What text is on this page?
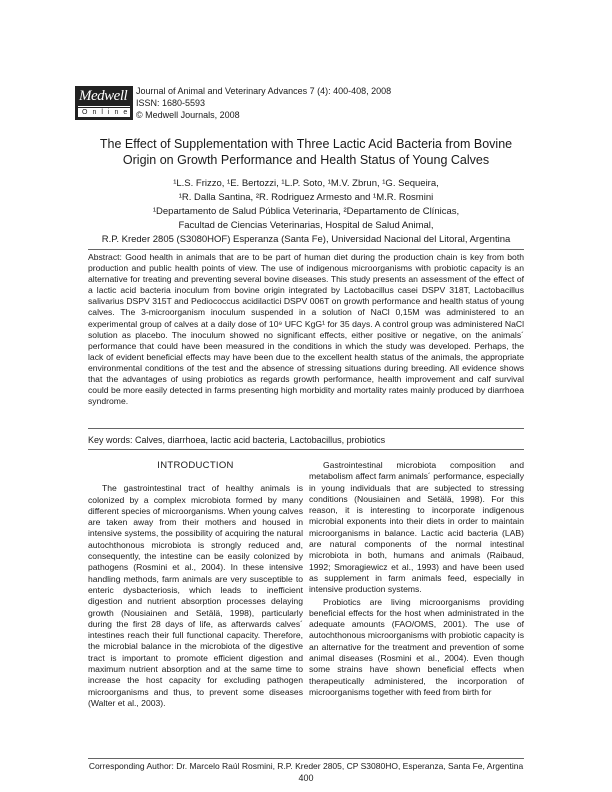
Medwell
Online
Journal of Animal and Veterinary Advances 7 (4): 400-408, 2008
ISSN: 1680-5593
© Medwell Journals, 2008
The Effect of Supplementation with Three Lactic Acid Bacteria from Bovine
Origin on Growth Performance and Health Status of Young Calves
¹L.S. Frizzo, ¹E. Bertozzi, ¹L.P. Soto, ¹M.V. Zbrun, ¹G. Sequeira,
¹R. Dalla Santina, ²R. Rodriguez Armesto and ¹M.R. Rosmini
¹Departamento de Salud Pública Veterinaria, ²Departamento de Clínicas,
Facultad de Ciencias Veterinarias, Hospital de Salud Animal,
R.P. Kreder 2805 (S3080HOF) Esperanza (Santa Fe), Universidad Nacional del Litoral, Argentina
Abstract: Good health in animals that are to be part of human diet during the production chain is key from both production and public health points of view. The use of indigenous microorganisms with probiotic capacity is an alternative for treating and preventing several bovine diseases. This study presents an assessment of the effect of a lactic acid bacteria inoculum from bovine origin integrated by Lactobacillus casei DSPV 318T, Lactobacillus salivarius DSPV 315T and Pediococcus acidilactici DSPV 006T on growth performance and health status of young calves. The 3-microorganism inoculum suspended in a solution of NaCl 0,15M was administered to an experimental group of calves at a daily dose of 10⁹ UFC KgG¹ for 35 days. A control group was administered NaCl solution as placebo. The inoculum showed no significant effects, either positive or negative, on the animals´ performance that could have been measured in the conditions in which the study was developed. Perhaps, the lack of evident beneficial effects may have been due to the excellent health status of the animals, the appropriate environmental conditions of the test and the absence of stressing situations during breeding. All evidence shows that the advantages of using probiotics as regards growth performance, health improvement and calf survival could be more easily detected in farms presenting high morbidity and mortality rates mainly produced by diarrhoea syndrome.
Key words: Calves, diarrhoea, lactic acid bacteria, Lactobacillus, probiotics
INTRODUCTION

The gastrointestinal tract of healthy animals is colonized by a complex microbiota formed by many different species of microorganisms. When young calves are taken away from their mothers and housed in intensive systems, the possibility of acquiring the natural autochthonous microbiota is strongly reduced and, consequently, the intestine can be easily colonized by pathogens (Rosmini et al., 2004). In these intensive handling methods, farm animals are very susceptible to enteric dysbacteriosis, which leads to inefficient digestion and nutrient absorption processes delaying growth (Nousiainen and Setälä, 1998), particularly during the first 28 days of life, as afterwards calves´ intestines reach their full functional capacity. Therefore, the microbial balance in the microbiota of the digestive tract is important to promote efficient digestion and maximum nutrient absorption and at the same time to increase the host capacity for excluding pathogen microorganisms and thus, to prevent some diseases (Walter et al., 2003).

Gastrointestinal microbiota composition and metabolism affect farm animals´ performance, especially in young individuals that are subjected to stressing conditions (Nousiainen and Setälä, 1998). For this reason, it is interesting to incorporate indigenous microbial exponents into their diets in order to maintain microorganisms in balance. Lactic acid bacteria (LAB) are natural components of the normal intestinal microbiota in both, humans and animals (Raibaud, 1992; Smoragiewicz et al., 1993) and have been used as supplement in farm animals feed, especially in intensive production systems.

Probiotics are living microorganisms providing beneficial effects for the host when administrated in the adequate amounts (FAO/OMS, 2001). The use of autochthonous microorganisms with probiotic capacity is an alternative for the treatment and prevention of some animal diseases (Rosmini et al., 2004). Even though some strains have shown beneficial effects when therapeutically administered, the incorporation of microorganisms together with feed from birth for

Corresponding Author: Dr. Marcelo Raúl Rosmini, R.P. Kreder 2805, CP S3080HO, Esperanza, Santa Fe, Argentina
400
